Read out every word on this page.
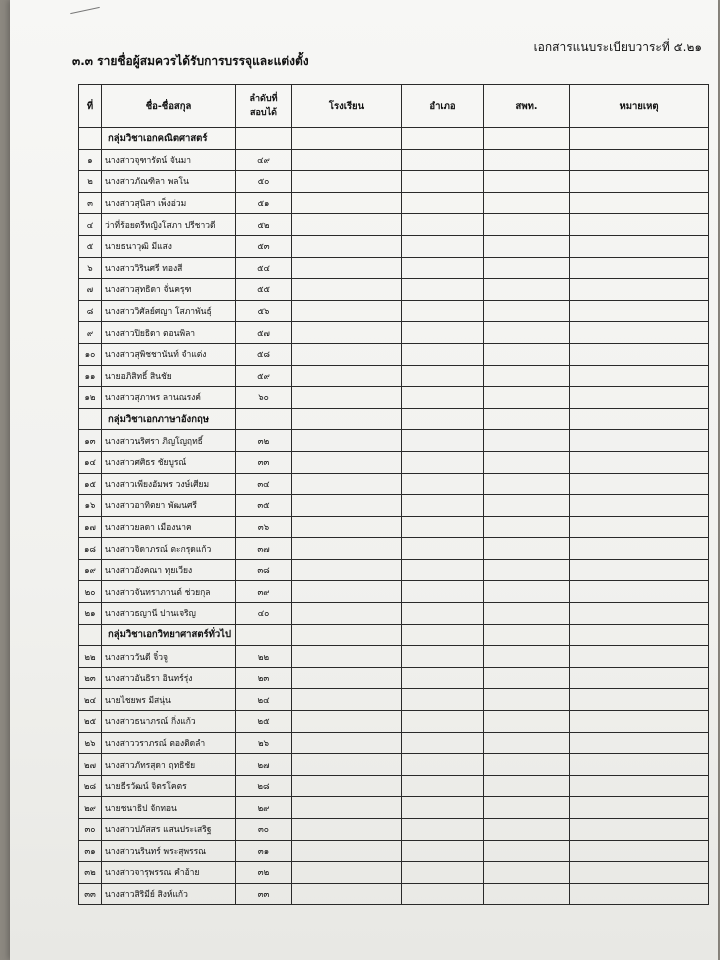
เอกสารแนบระเบียบวาระที่ ๕.๒๑
๓.๓ รายชื่อผู้สมควรได้รับการบรรจุและแต่งตั้ง
ที่	ชื่อ-ชื่อสกุล	ลำดับที่
สอบได้	โรงเรียน	อำเภอ	สพท.	หมายเหตุ
	กลุ่มวิชาเอกคณิตศาสตร์					
๑	นางสาวจุฑารัตน์ จันมา	๔๙				
๒	นางสาวภัณฑิลา พลโน	๕๐				
๓	นางสาวสุนิสา เพ็งอ่วม	๕๑				
๔	ว่าที่ร้อยตรีหญิงโสภา ปรีชาวดี	๕๒				
๕	นายธนาวุฒิ มีแสง	๕๓				
๖	นางสาววิรินศรี ทองสี	๕๔				
๗	นางสาวสุทธิดา จั่นครุฑ	๕๕				
๘	นางสาววิศัลย์ศญา โสภาพันธุ์	๕๖				
๙	นางสาวปิยธิดา ตอนพิลา	๕๗				
๑๐	นางสาวสุพิชชานันท์ จำแต่ง	๕๘				
๑๑	นายอภิสิทธิ์ สินชัย	๕๙				
๑๒	นางสาวสุภาพร ลานณรงค์	๖๐				
	กลุ่มวิชาเอกภาษาอังกฤษ					
๑๓	นางสาวนริศรา ภิญโญฤทธิ์	๓๒				
๑๔	นางสาวศศิธร ชัยบูรณ์	๓๓				
๑๕	นางสาวเพียงอัมพร วงษ์เศียม	๓๔				
๑๖	นางสาวอาทิตยา พัฒนศรี	๓๕				
๑๗	นางสาวยลดา เมืองนาค	๓๖				
๑๘	นางสาวจิดาภรณ์ ตะกรุดแก้ว	๓๗				
๑๙	นางสาวอังคณา ทุยเวียง	๓๘				
๒๐	นางสาวจันทราภานต์ ช่วยกุล	๓๙				
๒๑	นางสาวธญานี ปานเจริญ	๔๐				
	กลุ่มวิชาเอกวิทยาศาสตร์ทั่วไป					
๒๒	นางสาววันดี จิ๋วจู	๒๒				
๒๓	นางสาวอันธิรา อินทร์รุ่ง	๒๓				
๒๔	นายไชยพร มีสนุ่น	๒๔				
๒๕	นางสาวธนาภรณ์ กิ่งแก้ว	๒๕				
๒๖	นางสาววราภรณ์ ตองติดลำ	๒๖				
๒๗	นางสาวภัทรสุดา ฤทธิชัย	๒๗				
๒๘	นายธีรวัฒน์ จิตรโคตร	๒๘				
๒๙	นายชนาธิป จักทอน	๒๙				
๓๐	นางสาวปภัสสร แสนประเสริฐ	๓๐				
๓๑	นางสาวนรินทร์ พระสุพรรณ	๓๑				
๓๒	นางสาวจารุพรรณ คำอ้าย	๓๒				
๓๓	นางสาวสิริมีย์ สิงห์แก้ว	๓๓				
